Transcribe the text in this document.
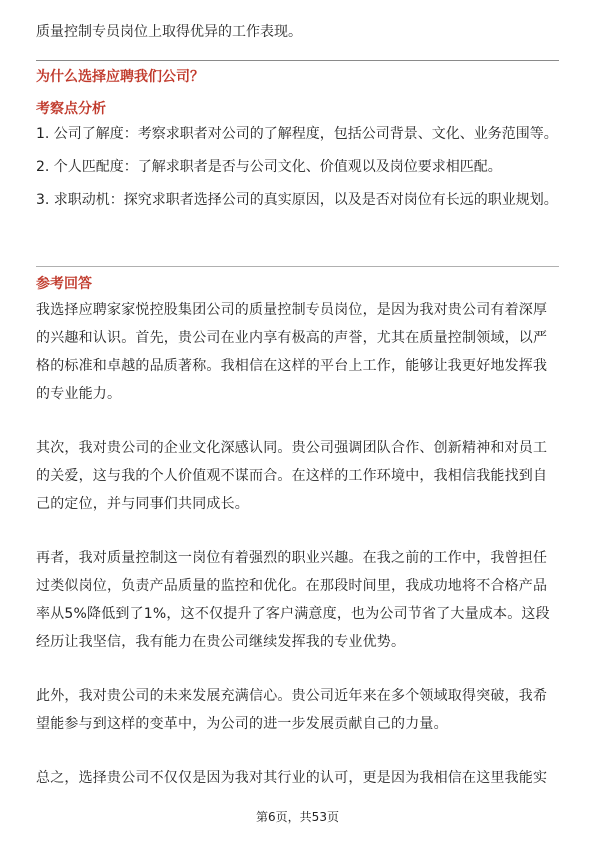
质量控制专员岗位上取得优异的工作表现。

为什么选择应聘我们公司？

考察点分析

1. 公司了解度：考察求职者对公司的了解程度，包括公司背景、文化、业务范围等。

2. 个人匹配度：了解求职者是否与公司文化、价值观以及岗位要求相匹配。

3. 求职动机：探究求职者选择公司的真实原因，以及是否对岗位有长远的职业规划。

参考回答

我选择应聘家家悦控股集团公司的质量控制专员岗位，是因为我对贵公司有着深厚的兴趣和认识。首先，贵公司在业内享有极高的声誉，尤其在质量控制领域，以严格的标准和卓越的品质著称。我相信在这样的平台上工作，能够让我更好地发挥我的专业能力。

其次，我对贵公司的企业文化深感认同。贵公司强调团队合作、创新精神和对员工的关爱，这与我的个人价值观不谋而合。在这样的工作环境中，我相信我能找到自己的定位，并与同事们共同成长。

再者，我对质量控制这一岗位有着强烈的职业兴趣。在我之前的工作中，我曾担任过类似岗位，负责产品质量的监控和优化。在那段时间里，我成功地将不合格产品率从5%降低到了1%，这不仅提升了客户满意度，也为公司节省了大量成本。这段经历让我坚信，我有能力在贵公司继续发挥我的专业优势。

此外，我对贵公司的未来发展充满信心。贵公司近年来在多个领域取得突破，我希望能参与到这样的变革中，为公司的进一步发展贡献自己的力量。

总之，选择贵公司不仅仅是因为我对其行业的认可，更是因为我相信在这里我能实

第6页，共53页
